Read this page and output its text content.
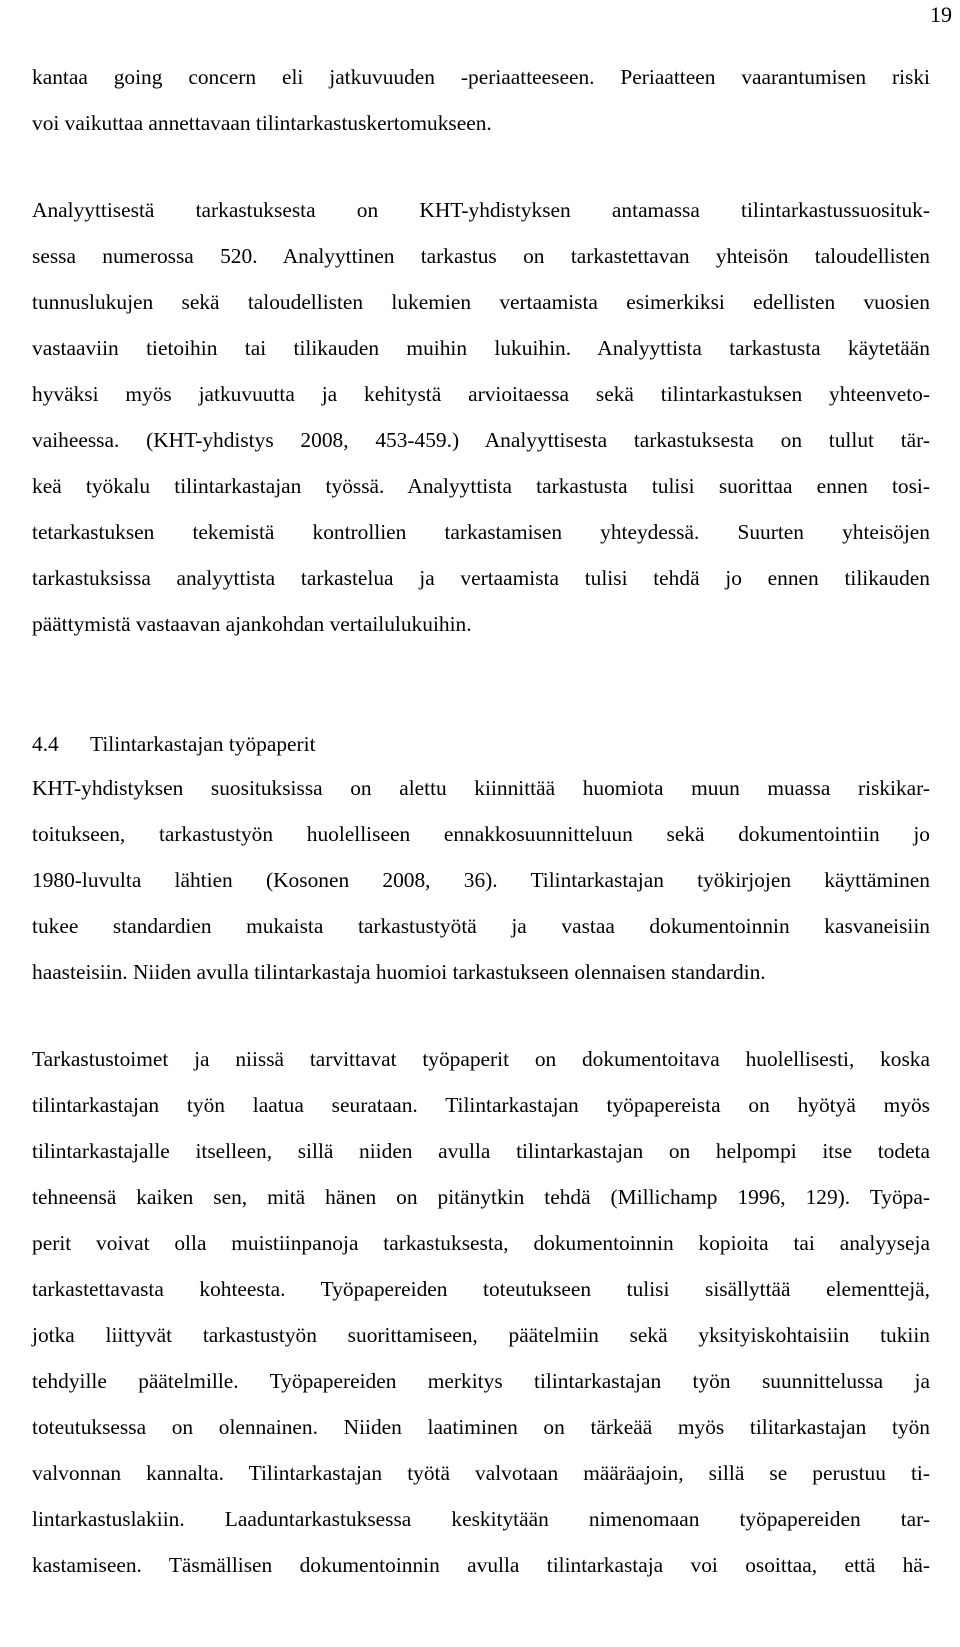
19
kantaa going concern eli jatkuvuuden -periaatteeseen. Periaatteen vaarantumisen riski
voi vaikuttaa annettavaan tilintarkastuskertomukseen.
Analyyttisestä tarkastuksesta on KHT-yhdistyksen antamassa tilintarkastussuosituk-
sessa numerossa 520. Analyyttinen tarkastus on tarkastettavan yhteisön taloudellisten
tunnuslukujen sekä taloudellisten lukemien vertaamista esimerkiksi edellisten vuosien
vastaaviin tietoihin tai tilikauden muihin lukuihin. Analyyttista tarkastusta käytetään
hyväksi myös jatkuvuutta ja kehitystä arvioitaessa sekä tilintarkastuksen yhteenveto-
vaiheessa. (KHT-yhdistys 2008, 453-459.) Analyyttisesta tarkastuksesta on tullut tär-
keä työkalu tilintarkastajan työssä. Analyyttista tarkastusta tulisi suorittaa ennen tosi-
tetarkastuksen tekemistä kontrollien tarkastamisen yhteydessä. Suurten yhteisöjen
tarkastuksissa analyyttista tarkastelua ja vertaamista tulisi tehdä jo ennen tilikauden
päättymistä vastaavan ajankohdan vertailulukuihin.
4.4 Tilintarkastajan työpaperit
KHT-yhdistyksen suosituksissa on alettu kiinnittää huomiota muun muassa riskikar-
toitukseen, tarkastustyön huolelliseen ennakkosuunnitteluun sekä dokumentointiin jo
1980-luvulta lähtien (Kosonen 2008, 36). Tilintarkastajan työkirjojen käyttäminen
tukee standardien mukaista tarkastustyötä ja vastaa dokumentoinnin kasvaneisiin
haasteisiin. Niiden avulla tilintarkastaja huomioi tarkastukseen olennaisen standardin.
Tarkastustoimet ja niissä tarvittavat työpaperit on dokumentoitava huolellisesti, koska
tilintarkastajan työn laatua seurataan. Tilintarkastajan työpapereista on hyötyä myös
tilintarkastajalle itselleen, sillä niiden avulla tilintarkastajan on helpompi itse todeta
tehneensä kaiken sen, mitä hänen on pitänytkin tehdä (Millichamp 1996, 129). Työpa-
perit voivat olla muistiinpanoja tarkastuksesta, dokumentoinnin kopioita tai analyyseja
tarkastettavasta kohteesta. Työpapereiden toteutukseen tulisi sisällyttää elementtejä,
jotka liittyvät tarkastustyön suorittamiseen, päätelmiin sekä yksityiskohtaisiin tukiin
tehdyille päätelmille. Työpapereiden merkitys tilintarkastajan työn suunnittelussa ja
toteutuksessa on olennainen. Niiden laatiminen on tärkeää myös tilitarkastajan työn
valvonnan kannalta. Tilintarkastajan työtä valvotaan määräajoin, sillä se perustuu ti-
lintarkastuslakiin. Laaduntarkastuksessa keskitytään nimenomaan työpapereiden tar-
kastamiseen. Täsmällisen dokumentoinnin avulla tilintarkastaja voi osoittaa, että hä-
